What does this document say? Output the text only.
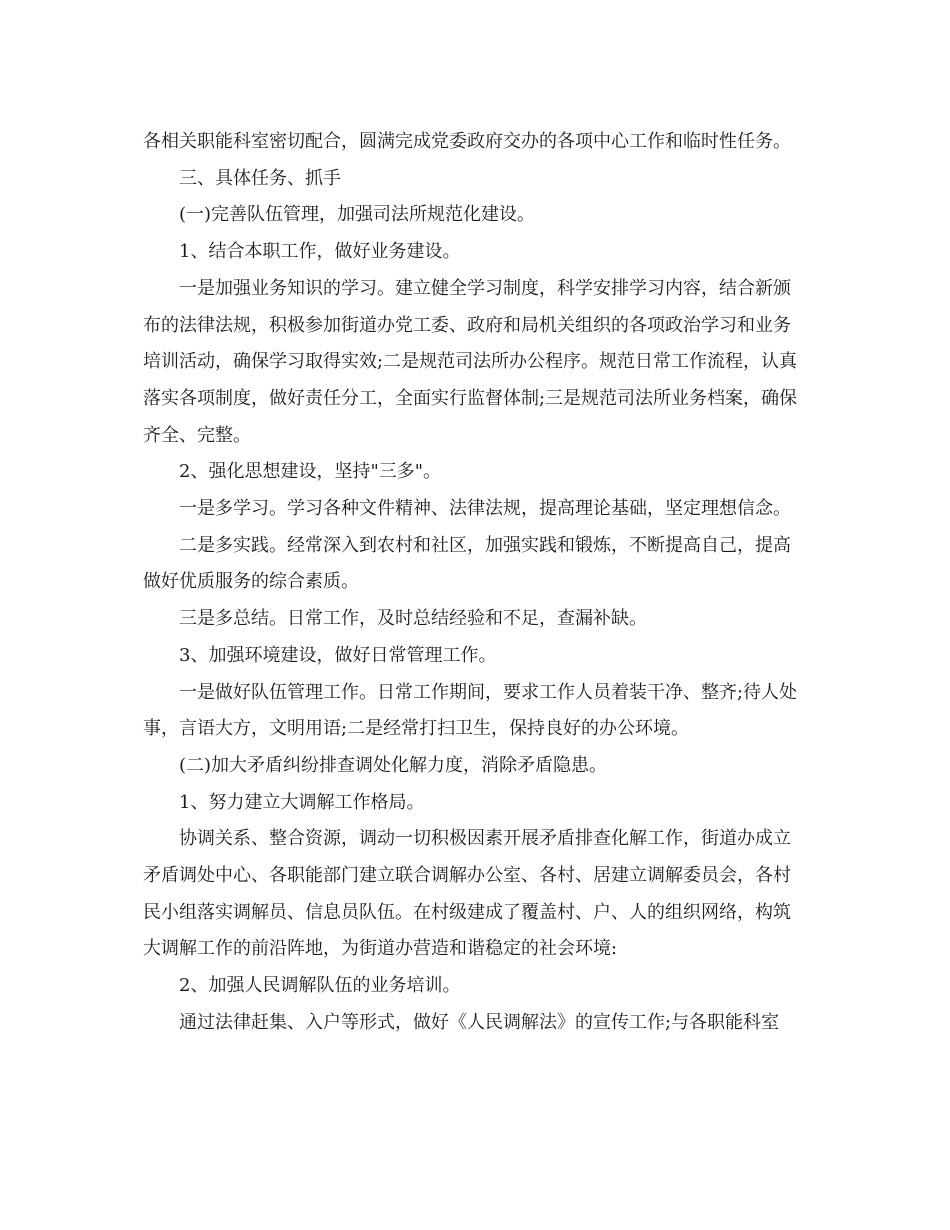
各相关职能科室密切配合，圆满完成党委政府交办的各项中心工作和临时性任务。

三、具体任务、抓手

(一)完善队伍管理，加强司法所规范化建设。

1、结合本职工作，做好业务建设。

一是加强业务知识的学习。建立健全学习制度，科学安排学习内容，结合新颁布的法律法规，积极参加街道办党工委、政府和局机关组织的各项政治学习和业务培训活动，确保学习取得实效;二是规范司法所办公程序。规范日常工作流程，认真落实各项制度，做好责任分工，全面实行监督体制;三是规范司法所业务档案，确保齐全、完整。

2、强化思想建设，坚持"三多"。

一是多学习。学习各种文件精神、法律法规，提高理论基础，坚定理想信念。

二是多实践。经常深入到农村和社区，加强实践和锻炼，不断提高自己，提高做好优质服务的综合素质。

三是多总结。日常工作，及时总结经验和不足，查漏补缺。

3、加强环境建设，做好日常管理工作。

一是做好队伍管理工作。日常工作期间，要求工作人员着装干净、整齐;待人处事，言语大方，文明用语;二是经常打扫卫生，保持良好的办公环境。

(二)加大矛盾纠纷排查调处化解力度，消除矛盾隐患。

1、努力建立大调解工作格局。

协调关系、整合资源，调动一切积极因素开展矛盾排查化解工作，街道办成立矛盾调处中心、各职能部门建立联合调解办公室、各村、居建立调解委员会，各村民小组落实调解员、信息员队伍。在村级建成了覆盖村、户、人的组织网络，构筑大调解工作的前沿阵地，为街道办营造和谐稳定的社会环境:

2、加强人民调解队伍的业务培训。

通过法律赶集、入户等形式，做好《人民调解法》的宣传工作;与各职能科室
